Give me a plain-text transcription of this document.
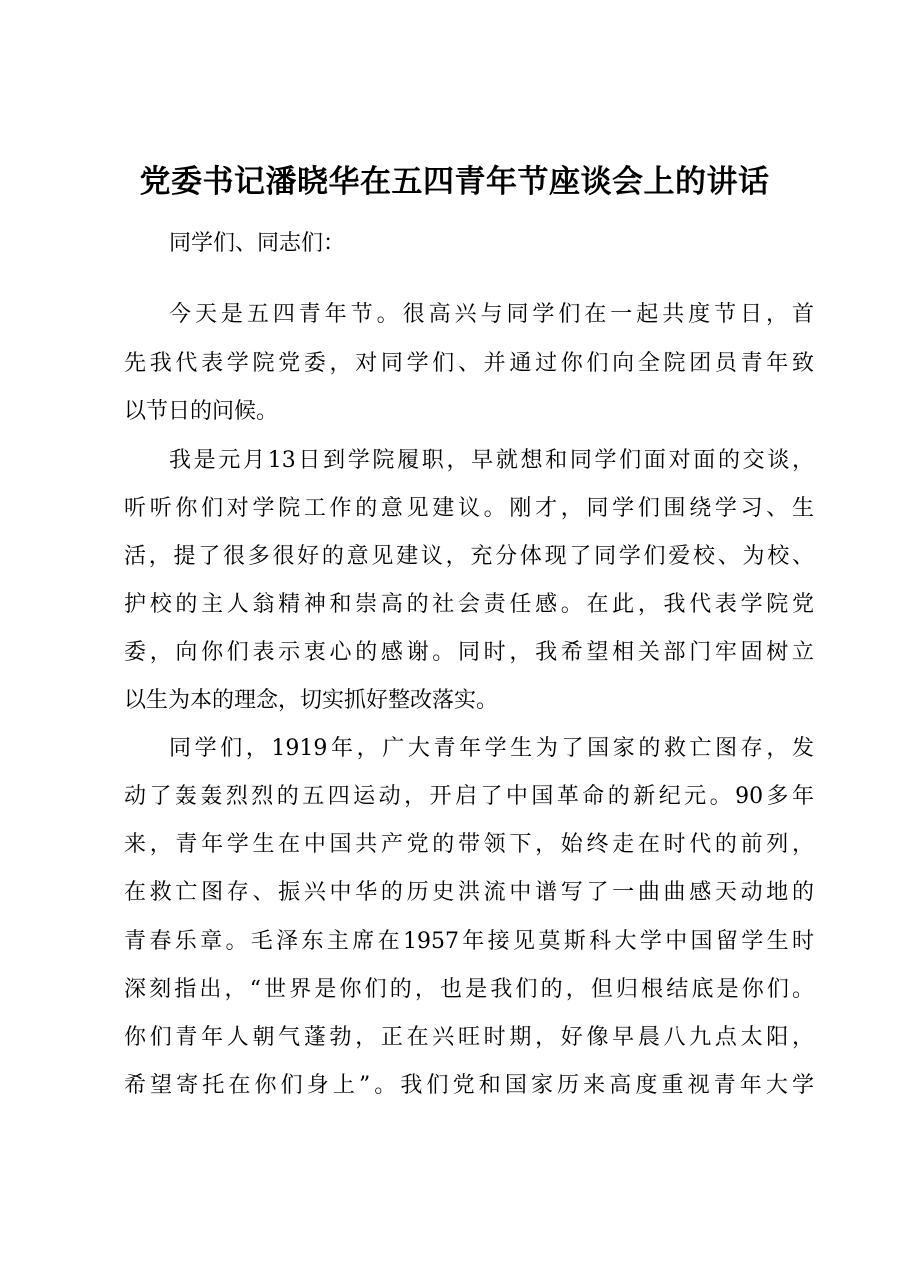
党委书记潘晓华在五四青年节座谈会上的讲话

同学们、同志们：

今天是五四青年节。很高兴与同学们在一起共度节日，首

先我代表学院党委，对同学们、并通过你们向全院团员青年致

以节日的问候。

我是元月13日到学院履职，早就想和同学们面对面的交谈，

听听你们对学院工作的意见建议。刚才，同学们围绕学习、生

活，提了很多很好的意见建议，充分体现了同学们爱校、为校、

护校的主人翁精神和崇高的社会责任感。在此，我代表学院党

委，向你们表示衷心的感谢。同时，我希望相关部门牢固树立

以生为本的理念，切实抓好整改落实。

同学们，1919年，广大青年学生为了国家的救亡图存，发

动了轰轰烈烈的五四运动，开启了中国革命的新纪元。90多年

来，青年学生在中国共产党的带领下，始终走在时代的前列，

在救亡图存、振兴中华的历史洪流中谱写了一曲曲感天动地的

青春乐章。毛泽东主席在1957年接见莫斯科大学中国留学生时

深刻指出，“世界是你们的，也是我们的，但归根结底是你们。

你们青年人朝气蓬勃，正在兴旺时期，好像早晨八九点太阳，

希望寄托在你们身上”。我们党和国家历来高度重视青年大学
